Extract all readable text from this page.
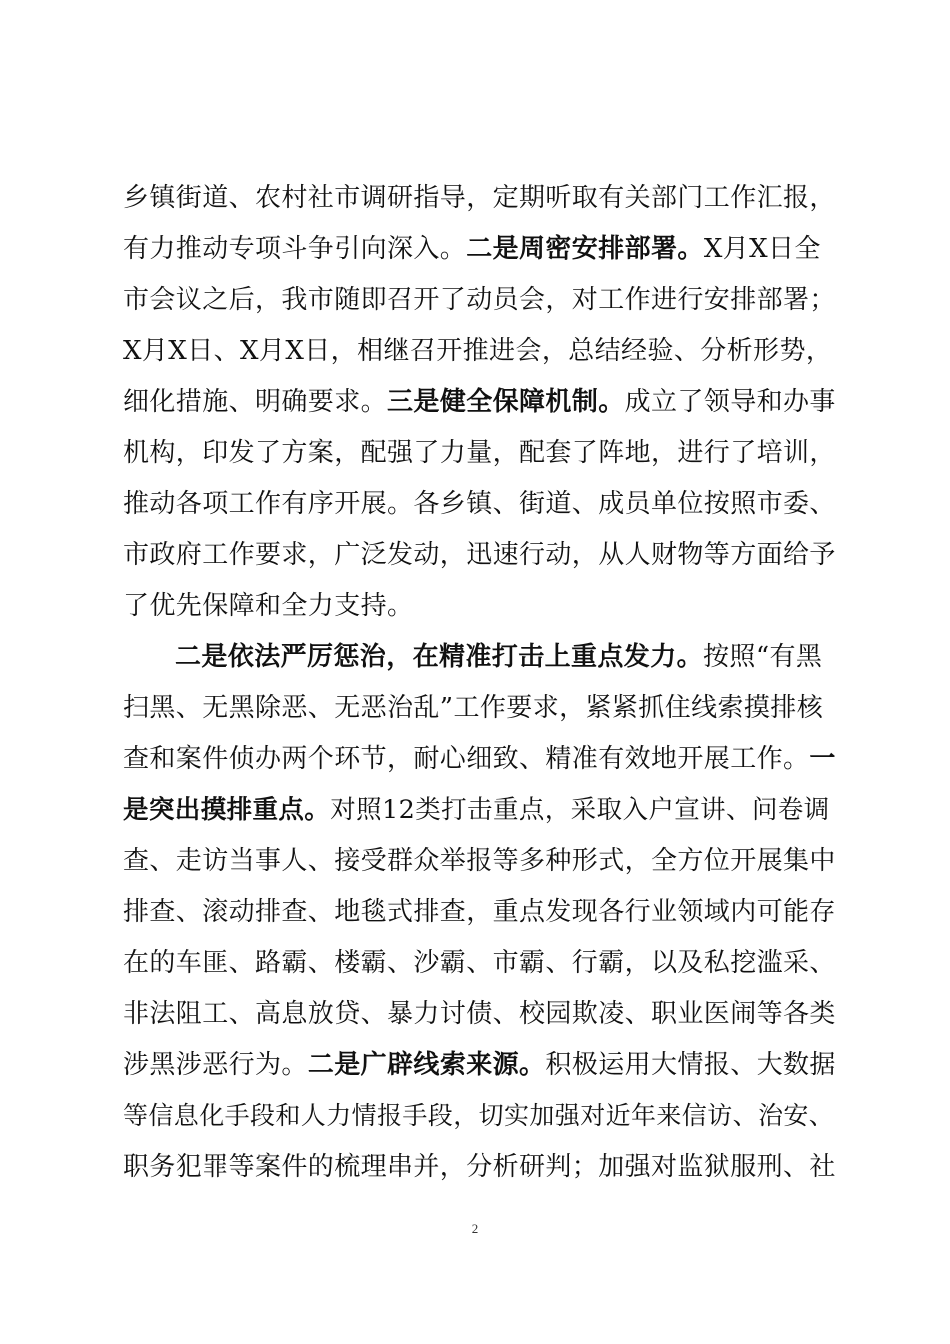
乡镇街道、农村社市调研指导，定期听取有关部门工作汇报，
有力推动专项斗争引向深入。二是周密安排部署。X月X日全
市会议之后，我市随即召开了动员会，对工作进行安排部署；
X月X日、X月X日，相继召开推进会，总结经验、分析形势，
细化措施、明确要求。三是健全保障机制。成立了领导和办事
机构，印发了方案，配强了力量，配套了阵地，进行了培训，
推动各项工作有序开展。各乡镇、街道、成员单位按照市委、
市政府工作要求，广泛发动，迅速行动，从人财物等方面给予
了优先保障和全力支持。
二是依法严厉惩治，在精准打击上重点发力。按照“有黑
扫黑、无黑除恶、无恶治乱”工作要求，紧紧抓住线索摸排核
查和案件侦办两个环节，耐心细致、精准有效地开展工作。一
是突出摸排重点。对照12类打击重点，采取入户宣讲、问卷调
查、走访当事人、接受群众举报等多种形式，全方位开展集中
排查、滚动排查、地毯式排查，重点发现各行业领域内可能存
在的车匪、路霸、楼霸、沙霸、市霸、行霸，以及私挖滥采、
非法阻工、高息放贷、暴力讨债、校园欺凌、职业医闹等各类
涉黑涉恶行为。二是广辟线索来源。积极运用大情报、大数据
等信息化手段和人力情报手段，切实加强对近年来信访、治安、
职务犯罪等案件的梳理串并，分析研判；加强对监狱服刑、社
2
